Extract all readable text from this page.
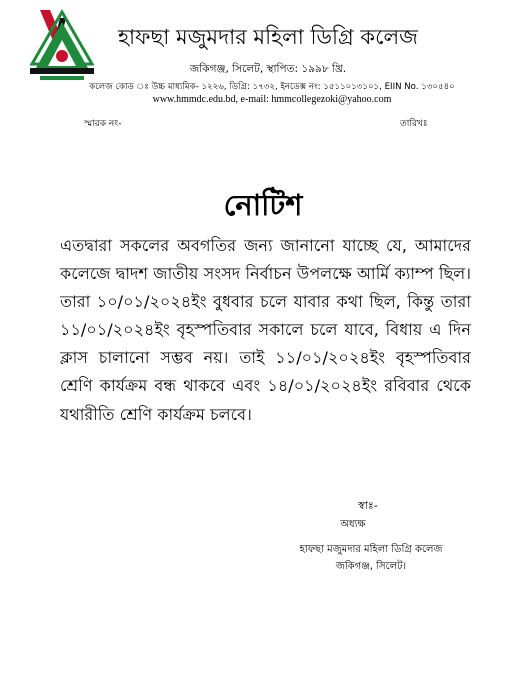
হাফছা মজুমদার মহিলা ডিগ্রি কলেজ
জকিগঞ্জ, সিলেট, স্থাপিত: ১৯৯৮ খ্রি.
কলেজ কোড ঃ উচ্চ মাধ্যমিক- ১২২৬, ডিগ্রি: ১৭৩২, ইনডেক্স নং: ১৫১১০১৩১০১, EIIN No. ১৩০৫৪০
www.hmmdc.edu.bd, e-mail: hmmcollegezoki@yahoo.com
স্মারক নং-	তারিখঃ
নোটিশ

এতদ্বারা সকলের অবগতির জন্য জানানো যাচ্ছে যে, আমাদের কলেজে দ্বাদশ জাতীয় সংসদ নির্বাচন উপলক্ষে আর্মি ক্যাম্প ছিল। তারা ১০/০১/২০২৪ইং বুধবার চলে যাবার কথা ছিল, কিন্তু তারা ১১/০১/২০২৪ইং বৃহস্পতিবার সকালে চলে যাবে, বিধায় এ দিন ক্লাস চালানো সম্ভব নয়। তাই ১১/০১/২০২৪ইং বৃহস্পতিবার শ্রেণি কার্যক্রম বন্ধ থাকবে এবং ১৪/০১/২০২৪ইং রবিবার থেকে যথারীতি শ্রেণি কার্যক্রম চলবে।

স্বাঃ-
অধ্যক্ষ
হাফছা মজুমদার মহিলা ডিগ্রি কলেজ
জকিগঞ্জ, সিলেট।
